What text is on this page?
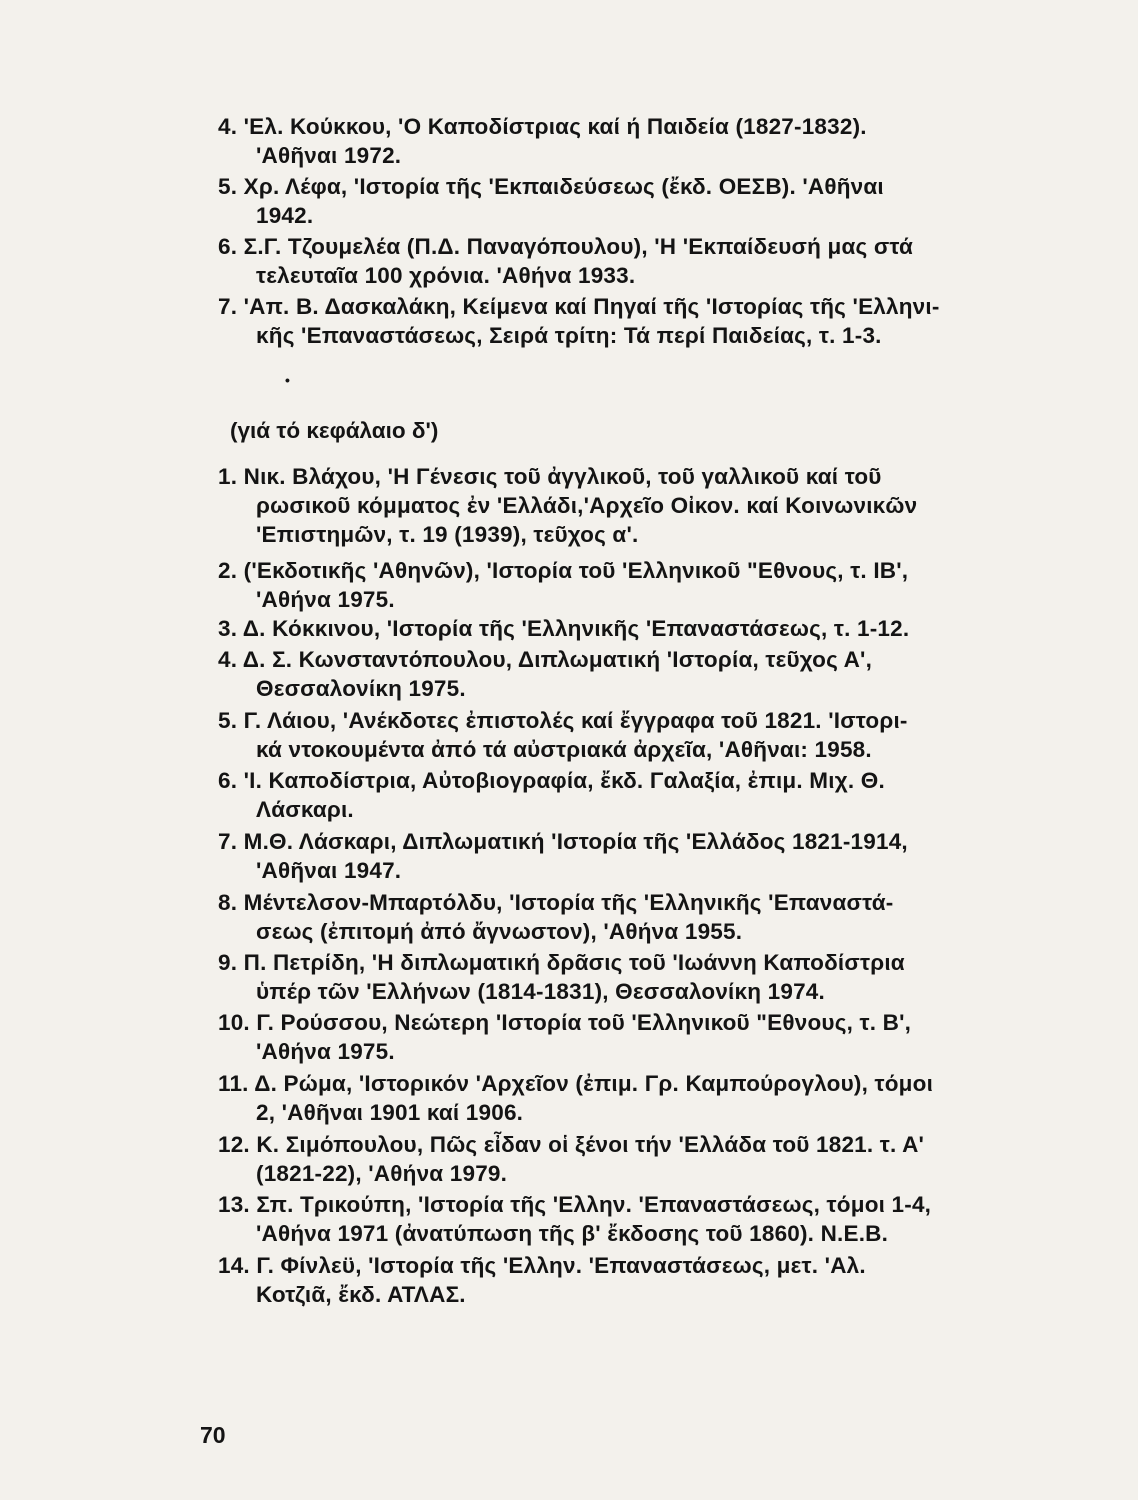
4. 'Ελ. Κούκκου, 'Ο Καποδίστριας καί ή Παιδεία (1827-1832).
'Αθῆναι 1972.
5. Χρ. Λέφα, 'Ιστορία τῆς 'Εκπαιδεύσεως (ἔκδ. ΟΕΣΒ). 'Αθῆναι
1942.
6. Σ.Γ. Τζουμελέα (Π.Δ. Παναγόπουλου), 'Η 'Εκπαίδευσή μας στά
τελευταῖα 100 χρόνια. 'Αθήνα 1933.
7. 'Απ. Β. Δασκαλάκη, Κείμενα καί Πηγαί τῆς 'Ιστορίας τῆς 'Ελληνι-
κῆς 'Επαναστάσεως, Σειρά τρίτη: Τά περί Παιδείας, τ. 1-3.
•
(γιά τό κεφάλαιο δ')
1. Νικ. Βλάχου, 'Η Γένεσις τοῦ ἀγγλικοῦ, τοῦ γαλλικοῦ καί τοῦ
ρωσικοῦ κόμματος ἐν 'Ελλάδι,'Αρχεῖο Οἰκον. καί Κοινωνικῶν
'Επιστημῶν, τ. 19 (1939), τεῦχος α'.
2. ('Εκδοτικῆς 'Αθηνῶν), 'Ιστορία τοῦ 'Ελληνικοῦ "Εθνους, τ. ΙΒ',
'Αθήνα 1975.
3. Δ. Κόκκινου, 'Ιστορία τῆς 'Ελληνικῆς 'Επαναστάσεως, τ. 1-12.
4. Δ. Σ. Κωνσταντόπουλου, Διπλωματική 'Ιστορία, τεῦχος Α',
Θεσσαλονίκη 1975.
5. Γ. Λάιου, 'Ανέκδοτες ἐπιστολές καί ἔγγραφα τοῦ 1821. 'Ιστορι-
κά ντοκουμέντα ἀπό τά αὐστριακά ἀρχεῖα, 'Αθῆναι: 1958.
6. 'Ι. Καποδίστρια, Αὐτοβιογραφία, ἔκδ. Γαλαξία, ἐπιμ. Μιχ. Θ.
Λάσκαρι.
7. Μ.Θ. Λάσκαρι, Διπλωματική 'Ιστορία τῆς 'Ελλάδος 1821-1914,
'Αθῆναι 1947.
8. Μέντελσον-Μπαρτόλδυ, 'Ιστορία τῆς 'Ελληνικῆς 'Επαναστά-
σεως (ἐπιτομή ἀπό ἄγνωστον), 'Αθήνα 1955.
9. Π. Πετρίδη, 'Η διπλωματική δρᾶσις τοῦ 'Ιωάννη Καποδίστρια
ὑπέρ τῶν 'Ελλήνων (1814-1831), Θεσσαλονίκη 1974.
10. Γ. Ρούσσου, Νεώτερη 'Ιστορία τοῦ 'Ελληνικοῦ "Εθνους, τ. Β',
'Αθήνα 1975.
11. Δ. Ρώμα, 'Ιστορικόν 'Αρχεῖον (ἐπιμ. Γρ. Καμπούρογλου), τόμοι
2, 'Αθῆναι 1901 καί 1906.
12. Κ. Σιμόπουλου, Πῶς εἶδαν οἱ ξένοι τήν 'Ελλάδα τοῦ 1821. τ. Α'
(1821-22), 'Αθήνα 1979.
13. Σπ. Τρικούπη, 'Ιστορία τῆς 'Ελλην. 'Επαναστάσεως, τόμοι 1-4,
'Αθήνα 1971 (ἀνατύπωση τῆς β' ἔκδοσης τοῦ 1860). Ν.Ε.Β.
14. Γ. Φίνλεϋ, 'Ιστορία τῆς 'Ελλην. 'Επαναστάσεως, μετ. 'Αλ.
Κοτζιᾶ, ἔκδ. ΑΤΛΑΣ.
70
